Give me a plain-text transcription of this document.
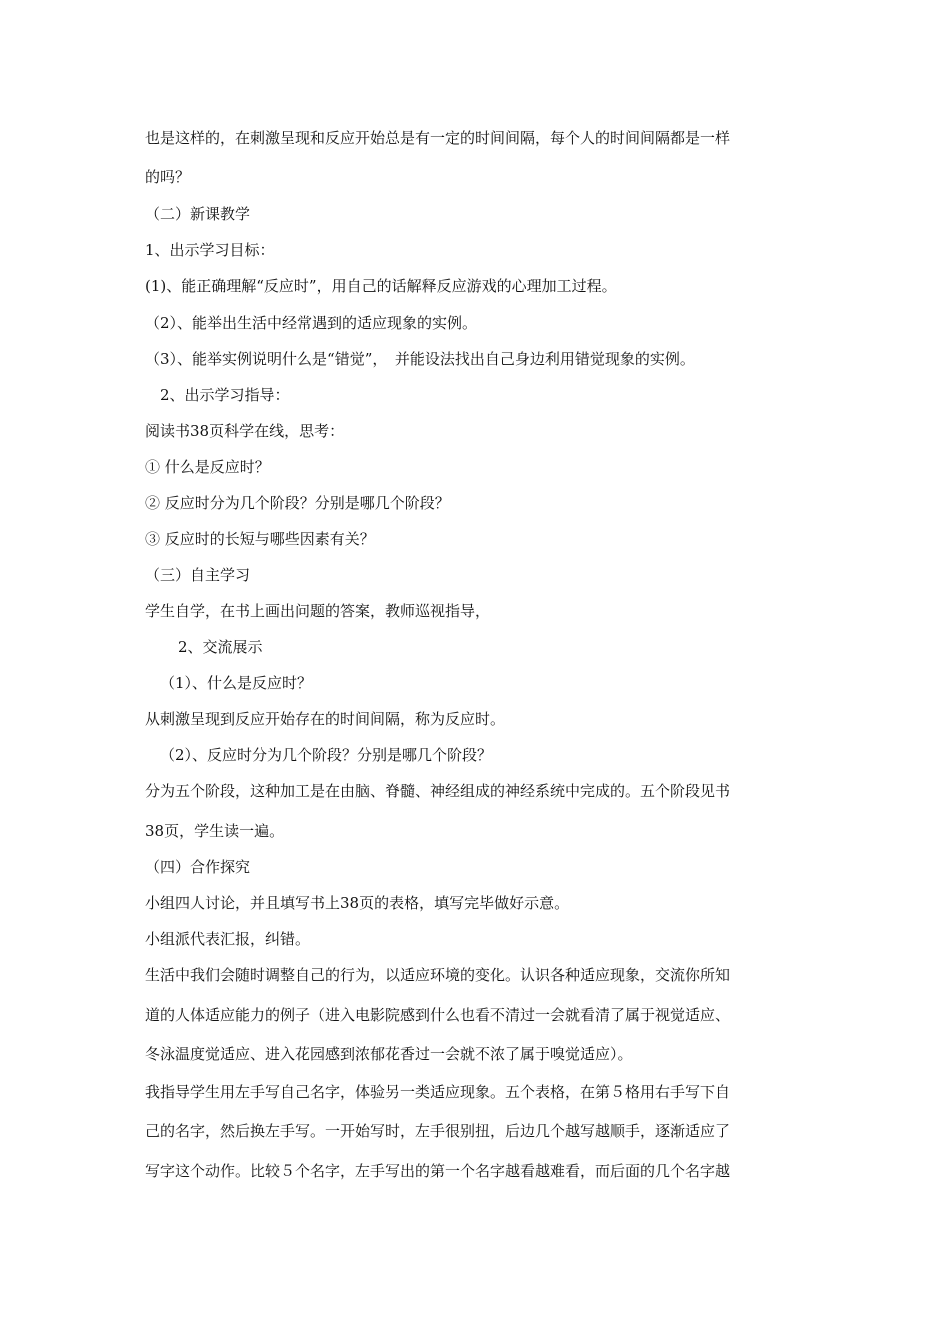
也是这样的，在刺激呈现和反应开始总是有一定的时间间隔，每个人的时间间隔都是一样
的吗？
（二）新课教学
1、出示学习目标：
(1)、能正确理解“反应时”，用自己的话解释反应游戏的心理加工过程。
（2）、能举出生活中经常遇到的适应现象的实例。
（3）、能举实例说明什么是“错觉”，　并能设法找出自己身边利用错觉现象的实例。
2、出示学习指导：
阅读书38页科学在线，思考：
① 什么是反应时？
② 反应时分为几个阶段？分别是哪几个阶段？
③ 反应时的长短与哪些因素有关？
（三）自主学习
学生自学，在书上画出问题的答案，教师巡视指导，
2、交流展示
（1）、什么是反应时？
从刺激呈现到反应开始存在的时间间隔，称为反应时。
（2）、反应时分为几个阶段？分别是哪几个阶段？
分为五个阶段，这种加工是在由脑、脊髓、神经组成的神经系统中完成的。五个阶段见书
38页，学生读一遍。
（四）合作探究
小组四人讨论，并且填写书上38页的表格，填写完毕做好示意。
小组派代表汇报，纠错。
生活中我们会随时调整自己的行为，以适应环境的变化。认识各种适应现象，交流你所知
道的人体适应能力的例子（进入电影院感到什么也看不清过一会就看清了属于视觉适应、
冬泳温度觉适应、进入花园感到浓郁花香过一会就不浓了属于嗅觉适应）。
我指导学生用左手写自己名字，体验另一类适应现象。五个表格，在第５格用右手写下自
己的名字，然后换左手写。一开始写时，左手很别扭，后边几个越写越顺手，逐渐适应了
写字这个动作。比较５个名字，左手写出的第一个名字越看越难看，而后面的几个名字越
